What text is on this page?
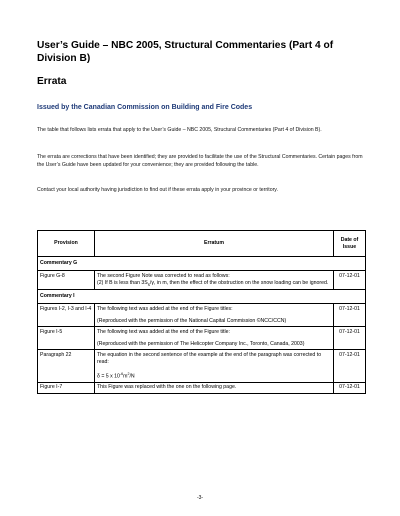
User’s Guide – NBC 2005, Structural Commentaries (Part 4 of Division B)
Errata
Issued by the Canadian Commission on Building and Fire Codes
The table that follows lists errata that apply to the User’s Guide – NBC 2005, Structural Commentaries (Part 4 of Division B).
The errata are corrections that have been identified; they are provided to facilitate the use of the Structural Commentaries. Certain pages from the User’s Guide have been updated for your convenience; they are provided following the table.
Contact your local authority having jurisdiction to find out if these errata apply in your province or territory.
Provision	Erratum	Date of Issue
Commentary G		
Figure G-8	The second Figure Note was corrected to read as follows:
(2) If B is less than $3S_s/\gamma$, in m, then the effect of the obstruction on the snow loading can be ignored.	07-12-01
Commentary I		
Figures I-2, I-3 and I-4	The following text was added at the end of the Figure titles:
(Reproduced with the permission of the National Capital Commission ©NCC/CCN)	07-12-01
Figure I-5	The following text was added at the end of the Figure title:
(Reproduced with the permission of The Helicopter Company Inc., Toronto, Canada, 2003)	07-12-01
Paragraph 22	The equation in the second sentence of the example at the end of the paragraph was corrected to read:
δ = 5 x $10^{-6}m^2/N$	07-12-01
Figure I-7	This Figure was replaced with the one on the following page.	07-12-01
-3-
